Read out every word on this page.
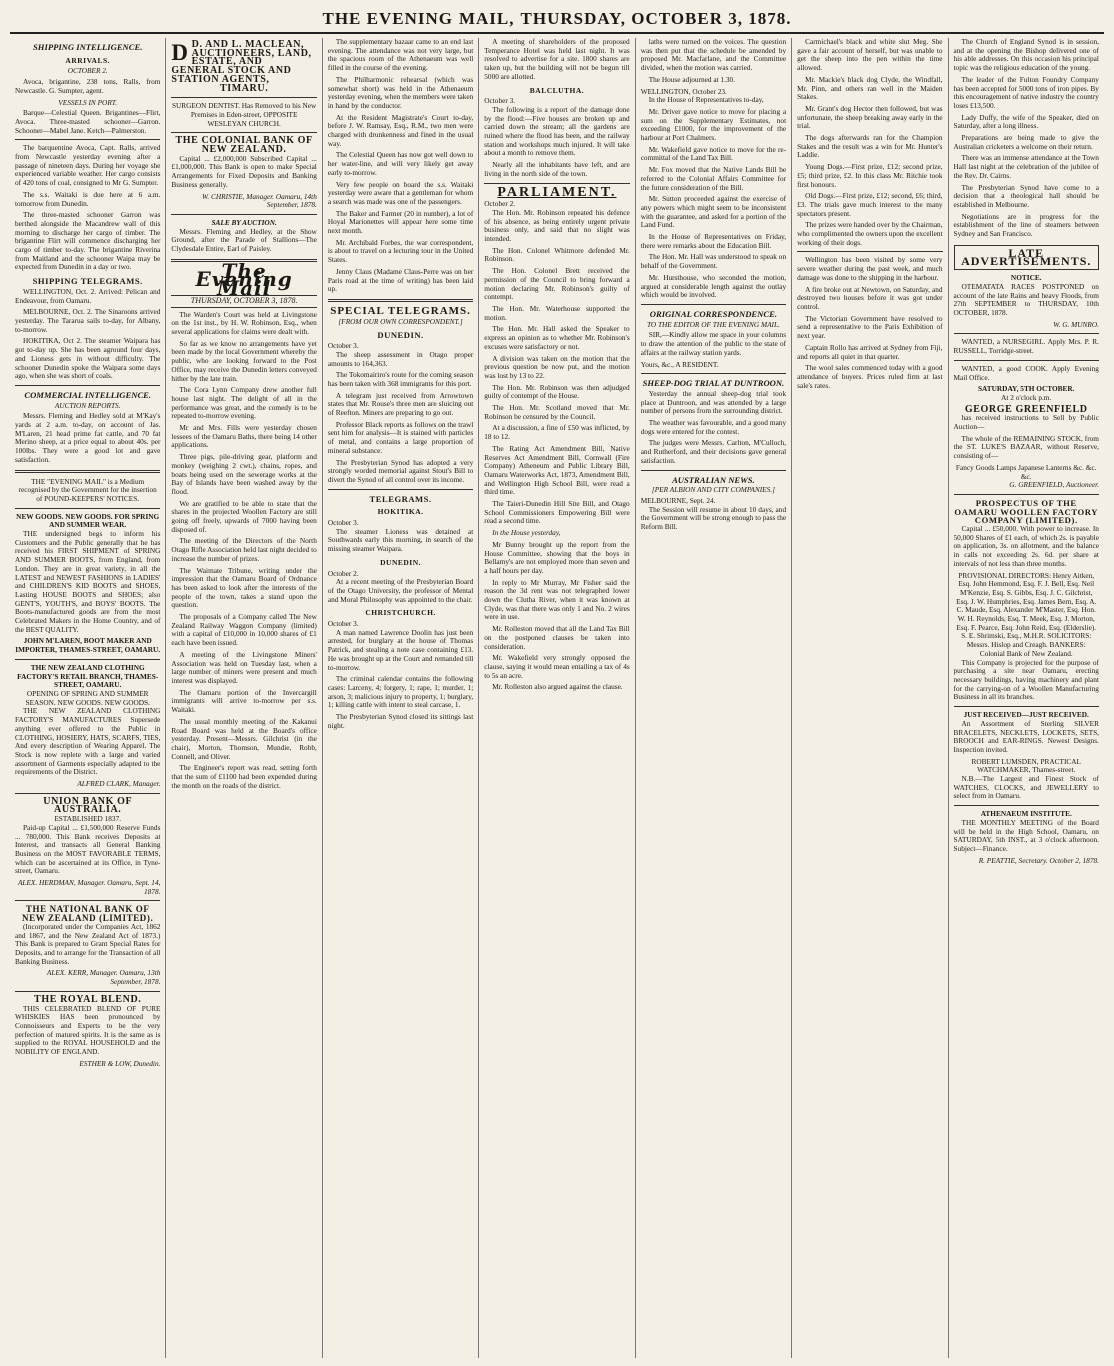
THE EVENING MAIL, THURSDAY, OCTOBER 3, 1878.
SHIPPING INTELLIGENCE.
ARRIVALS.
OCTOBER 2.
Avoca, brigantine, 238 tons, Ralls, from Newcastle. G. Sumpter, agent.
VESSELS IN PORT.
Barque—Celestial Queen. Brigantines—Flirt, Avoca. Three-masted schooner—Garron. Schooner—Mabel Jane. Ketch—Palmerston.
The barquentine Avoca, Capt. Ralls, arrived from Newcastle yesterday evening after a passage of nineteen days. During her voyage she experienced variable weather. Her cargo consists of 420 tons of coal, consigned to Mr G. Sumpter.
The s.s. Waitaki is due here at 6 a.m. tomorrow from Dunedin.
The three-masted schooner Garron was berthed alongside the Macandrew wall of this morning to discharge her cargo of timber. The brigantine Flirt will commence discharging her cargo of timber to-day. The brigantine Riverina from Maitland and the schooner Waipa may be expected from Dunedin in a day or two.
SHIPPING TELEGRAMS.
WELLINGTON, Oct. 2. Arrived: Pelican and Endeavour, from Oamaru.
MELBOURNE, Oct. 2. The Sinaroons arrived yesterday. The Tararua sails to-day, for Albany, to-morrow.
HOKITIKA, Oct 2. The steamer Waipara has got to-day up. She has been aground four days, and Lioness gets in without difficulty. The schooner Dunedin spoke the Waipara some days ago, when she was short of coals.
COMMERCIAL INTELLIGENCE.
AUCTION REPORTS.
Messrs. Fleming and Hedley sold at M'Kay's yards at 2 a.m. to-day, on account of Jas. M'Laren, 21 head prime fat cattle, and 70 fat Merino sheep, at a price equal to about 40s. per 100lbs. They were a good lot and gave satisfaction.
THE "EVENING MAIL" is a Medium recognised by the Government for the insertion of POUND-KEEPERS' NOTICES.
NEW GOODS. NEW GOODS. FOR SPRING AND SUMMER WEAR.
THE undersigned begs to inform his Customers and the Public generally that he has received his FIRST SHIPMENT of SPRING AND SUMMER BOOTS, from England, from London. They are in great variety, in all the LATEST and NEWEST FASHIONS in LADIES' and CHILDREN'S KID BOOTS and SHOES, Lasting HOUSE BOOTS and SHOES; also GENT'S, YOUTH'S, and BOYS' BOOTS. The Boots-manufactured goods are from the most Celebrated Makers in the Home Country, and of the BEST QUALITY.
JOHN M'LAREN, BOOT MAKER AND IMPORTER, THAMES-STREET, OAMARU.
THE NEW ZEALAND CLOTHING FACTORY'S RETAIL BRANCH, THAMES-STREET, OAMARU.
OPENING OF SPRING AND SUMMER SEASON. NEW GOODS. NEW GOODS.
THE NEW ZEALAND CLOTHING FACTORY'S MANUFACTURES Supersede anything ever offered to the Public in CLOTHING, HOSIERY, HATS, SCARFS, TIES, And every description of Wearing Apparel. The Stock is now replete with a large and varied assortment of Garments especially adapted to the requirements of the District.
ALFRED CLARK, Manager.
UNION BANK OF AUSTRALIA.
ESTABLISHED 1837.
Paid-up Capital ... £1,500,000 Reserve Funds ... 780,000. This Bank receives Deposits at Interest, and transacts all General Banking Business on the MOST FAVORABLE TERMS, which can be ascertained at its Office, in Tyne-street, Oamaru.
ALEX. HERDMAN, Manager. Oamaru, Sept. 14, 1878.
THE NATIONAL BANK OF NEW ZEALAND (LIMITED).
(Incorporated under the Companies Act, 1862 and 1867, and the New Zealand Act of 1873.) This Bank is prepared to Grant Special Rates for Deposits, and to arrange for the Transaction of all Banking Business.
ALEX. KERR, Manager. Oamaru, 13th September, 1878.
THE ROYAL BLEND.
THIS CELEBRATED BLEND OF PURE WHISKIES HAS been pronounced by Connoisseurs and Experts to be the very perfection of matured spirits. It is the same as is supplied to the ROYAL HOUSEHOLD and the NOBILITY OF ENGLAND.
ESTHER & LOW, Dunedin.
D D. AND L. MACLEAN, AUCTIONEERS, LAND, ESTATE, AND GENERAL STOCK AND STATION AGENTS,
TIMARU.
SURGEON DENTIST. Has Removed to his New Premises in Eden-street, OPPOSITE WESLEYAN CHURCH.
THE COLONIAL BANK OF NEW ZEALAND.
Capital ... £2,000,000 Subscribed Capital ... £1,000,000. This Bank is open to make Special Arrangements for Fixed Deposits and Banking Business generally.
W. CHRISTIE, Manager. Oamaru, 14th September, 1878.
SALE BY AUCTION.
Messrs. Fleming and Hedley, at the Show Ground, after the Parade of Stallions—The Clydesdale Entire, Earl of Paisley.
The Evening Mail
THURSDAY, OCTOBER 3, 1878.
The Warden's Court was held at Livingstone on the 1st inst., by H. W. Robinson, Esq., when several applications for claims were dealt with.
So far as we know no arrangements have yet been made by the local Government whereby the public, who are looking forward to the Post Office, may receive the Dunedin letters conveyed hither by the late train.
The Cora Lynn Company drew another full house last night. The delight of all in the performance was great, and the comedy is to be repeated to-morrow evening.
Mr and Mrs. Fills were yesterday chosen lessees of the Oamaru Baths, there being 14 other applications.
Three pigs, pile-driving gear, platform and monkey (weighing 2 cwt.), chains, ropes, and boats being used on the sewerage works at the Bay of Islands have been washed away by the flood.
We are gratified to be able to state that the shares in the projected Woollen Factory are still going off freely, upwards of 7000 having been disposed of.
The meeting of the Directors of the North Otago Rifle Association held last night decided to increase the number of prizes.
The Waimate Tribune, writing under the impression that the Oamaru Board of Ordnance has been asked to look after the interests of the people of the town, takes a stand upon the question.
The proposals of a Company called The New Zealand Railway Waggon Company (limited) with a capital of £10,000 in 10,000 shares of £1 each have been issued.
A meeting of the Livingstone Miners' Association was held on Tuesday last, when a large number of miners were present and much interest was displayed.
The Oamaru portion of the Invercargill immigrants will arrive to-morrow per s.s. Waitaki.
The usual monthly meeting of the Kakanui Road Board was held at the Board's office yesterday. Present—Messrs. Gilchrist (in the chair), Morton, Thomson, Mundie, Robb, Connell, and Oliver.
The Engineer's report was read, setting forth that the sum of £1100 had been expended during the month on the roads of the district.
The supplementary bazaar came to an end last evening. The attendance was not very large, but the spacious room of the Athenaeum was well filled in the course of the evening.
The Philharmonic rehearsal (which was somewhat short) was held in the Athenaeum yesterday evening, when the members were taken in hand by the conductor.
At the Resident Magistrate's Court to-day, before J. W. Ramsay, Esq., R.M., two men were charged with drunkenness and fined in the usual way.
The Celestial Queen has now got well down to her water-line, and will very likely get away early to-morrow.
Very few people on board the s.s. Waitaki yesterday were aware that a gentleman for whom a search was made was one of the passengers.
The Baker and Farmer (20 in number), a lot of Hoyal Marionettes will appear here some time next month.
Mr. Archibald Forbes, the war correspondent, is about to travel on a lecturing tour in the United States.
Jenny Claus (Madame Claus-Perre was on her Paris road at the time of writing) has been laid up.
SPECIAL TELEGRAMS.
[FROM OUR OWN CORRESPONDENT.]
DUNEDIN.
October 3.
The sheep assessment in Otago proper amounts to 164,363.
The Tokomairiro's route for the coming season has been taken with 368 immigrants for this port.
A telegram just received from Arrowtown states that Mr. Rouse's three men are sluicing out of Reefton. Miners are preparing to go out.
Professor Black reports as follows on the trawl sent him for analysis—It is stained with particles of metal, and contains a large proportion of mineral substance.
The Presbyterian Synod has adopted a very strongly worded memorial against Stout's Bill to divert the Synod of all control over its income.
TELEGRAMS.
HOKITIKA.
October 3.
The steamer Lioness was detained at Southwards early this morning, in search of the missing steamer Waipara.
DUNEDIN.
October 2.
At a recent meeting of the Presbyterian Board of the Otago University, the professor of Mental and Moral Philosophy was appointed to the chair.
CHRISTCHURCH.
October 3.
A man named Lawrence Doolin has just been arrested, for burglary at the house of Thomas Patrick, and stealing a note case containing £13. He was brought up at the Court and remanded till to-morrow.
The criminal calendar contains the following cases: Larceny, 4; forgery, 1; rape, 1; murder, 1; arson, 3; malicious injury to property, 1; burglary, 1; killing cattle with intent to steal carcase, 1.
The Presbyterian Synod closed its sittings last night.
A meeting of shareholders of the proposed Temperance Hotel was held last night. It was resolved to advertise for a site. 1800 shares are taken up, but the building will not be begun till 5000 are allotted.
BALCLUTHA.
October 3.
The following is a report of the damage done by the flood:—Five houses are broken up and carried down the stream; all the gardens are ruined where the flood has been, and the railway station and workshops much injured. It will take about a month to remove them.
Nearly all the inhabitants have left, and are living in the north side of the town.
PARLIAMENT.
October 2.
The Hon. Mr. Robinson repeated his defence of his absence, as being entirely urgent private business only, and said that no slight was intended.
The Hon. Colonel Whitmore defended Mr. Robinson.
The Hon. Colonel Brett received the permission of the Council to bring forward a motion declaring Mr. Robinson's guilty of contempt.
The Hon. Mr. Waterhouse supported the motion.
The Hon. Mr. Hall asked the Speaker to express an opinion as to whether Mr. Robinson's excuses were satisfactory or not.
A division was taken on the motion that the previous question be now put, and the motion was lost by 13 to 22.
The Hon. Mr. Robinson was then adjudged guilty of contempt of the House.
The Hon. Mr. Scotland moved that Mr. Robinson be censured by the Council.
At a discussion, a fine of £50 was inflicted, by 18 to 12.
The Rating Act Amendment Bill, Native Reserves Act Amendment Bill, Cornwall (Fire Company) Atheneum and Public Library Bill, Oamaru Waterworks Act, 1873, Amendment Bill, and Wellington High School Bill, were read a third time.
The Taieri-Dunedin Hill Site Bill, and Otago School Commissioners Empowering Bill were read a second time.
In the House yesterday,
Mr Bunny brought up the report from the House Committee, showing that the boys in Bellamy's are not employed more than seven and a half hours per day.
In reply to Mr Murray, Mr Fisher said the reason the 3d rent was not telegraphed lower down the Clutha River, when it was known at Clyde, was that there was only 1 and No. 2 wires were in use.
Mr. Rolleston moved that all the Land Tax Bill on the postponed clauses be taken into consideration.
Mr. Wakefield very strongly opposed the clause, saying it would mean entailing a tax of 4s to 5s an acre.
Mr. Rolleston also argued against the clause.
laths were turned on the voices. The question was then put that the schedule be amended by proposed Mr. Macfarlane, and the Committee divided, when the motion was carried.
The House adjourned at 1.30.
WELLINGTON, October 23.
In the House of Representatives to-day,
Mr. Driver gave notice to move for placing a sum on the Supplementary Estimates, not exceeding £1000, for the improvement of the harbour at Port Chalmers.
Mr. Wakefield gave notice to move for the re-committal of the Land Tax Bill.
Mr. Fox moved that the Native Lands Bill be referred to the Colonial Affairs Committee for the future consideration of the Bill.
Mr. Sutton proceeded against the exercise of any powers which might seem to be inconsistent with the guarantee, and asked for a portion of the Land Fund.
In the House of Representatives on Friday, there were remarks about the Education Bill.
The Hon. Mr. Hall was understood to speak on behalf of the Government.
Mr. Hursthouse, who seconded the motion, argued at considerable length against the outlay which would be involved.
ORIGINAL CORRESPONDENCE.
TO THE EDITOR OF THE EVENING MAIL.
SIR,—Kindly allow me space in your columns to draw the attention of the public to the state of affairs at the railway station yards.
Yours, &c., A RESIDENT.
SHEEP-DOG TRIAL AT DUNTROON.
Yesterday the annual sheep-dog trial took place at Duntroon, and was attended by a large number of persons from the surrounding district.
The weather was favourable, and a good many dogs were entered for the contest.
The judges were Messrs. Carlton, M'Culloch, and Rutherford, and their decisions gave general satisfaction.
AUSTRALIAN NEWS.
[PER ALBION AND CITY COMPANIES.]
MELBOURNE, Sept. 24.
The Session will resume in about 10 days, and the Government will be strong enough to pass the Reform Bill.
Carmichael's black and white slut Meg. She gave a fair account of herself, but was unable to get the sheep into the pen within the time allowed.
Mr. Mackie's black dog Clyde, the Windfall, Mr. Pinn, and others ran well in the Maiden Stakes.
Mr. Grant's dog Hector then followed, but was unfortunate, the sheep breaking away early in the trial.
The dogs afterwards ran for the Champion Stakes and the result was a win for Mr. Hunter's Laddie.
Young Dogs.—First prize, £12; second prize, £5; third prize, £2. In this class Mr. Ritchie took first honours.
Old Dogs.—First prize, £12; second, £6; third, £3. The trials gave much interest to the many spectators present.
The prizes were handed over by the Chairman, who complimented the owners upon the excellent working of their dogs.
Wellington has been visited by some very severe weather during the past week, and much damage was done to the shipping in the harbour.
A fire broke out at Newtown, on Saturday, and destroyed two houses before it was got under control.
The Victorian Government have resolved to send a representative to the Paris Exhibition of next year.
Captain Rollo has arrived at Sydney from Fiji, and reports all quiet in that quarter.
The wool sales commenced today with a good attendance of buyers. Prices ruled firm at last sale's rates.
The Church of England Synod is in session, and at the opening the Bishop delivered one of his able addresses. On this occasion his principal topic was the religious education of the young.
The leader of the Fulton Foundry Company has been accepted for 5000 tons of iron pipes. By this encouragement of native industry the country loses £13,500.
Lady Duffy, the wife of the Speaker, died on Saturday, after a long illness.
Preparations are being made to give the Australian cricketers a welcome on their return.
There was an immense attendance at the Town Hall last night at the celebration of the jubilee of the Rev. Dr. Cairns.
The Presbyterian Synod have come to a decision that a theological hall should be established in Melbourne.
Negotiations are in progress for the establishment of the line of steamers between Sydney and San Francisco.
LATE ADVERTISEMENTS.
NOTICE.
OTEMATATA RACES POSTPONED on account of the late Rains and heavy Floods, from 27th SEPTEMBER to THURSDAY, 10th OCTOBER, 1878.
W. G. MUNRO.
WANTED, a NURSEGIRL. Apply Mrs. P. R. RUSSELL, Torridge-street.
WANTED, a good COOK. Apply Evening Mail Office.
SATURDAY, 5TH OCTOBER.
At 2 o'clock p.m.
GEORGE GREENFIELD
has received instructions to Sell by Public Auction—
The whole of the REMAINING STOCK, from the ST. LUKE'S BAZAAR, without Reserve, consisting of—
Fancy Goods Lamps Japanese Lanterns &c. &c. &c.
G. GREENFIELD, Auctioneer.
PROSPECTUS OF THE OAMARU WOOLLEN FACTORY COMPANY (LIMITED).
Capital ... £50,000. With power to increase. In 50,000 Shares of £1 each, of which 2s. is payable on application, 3s. on allotment, and the balance in calls not exceeding 2s. 6d. per share at intervals of not less than three months.
PROVISIONAL DIRECTORS: Henry Aitken, Esq. John Hemmond, Esq. F. J. Bell, Esq. Neil M'Kenzie, Esq. S. Gibbs, Esq. J. C. Gilchrist, Esq. J. W. Humphries, Esq. James Bern, Esq. A. C. Maude, Esq. Alexander M'Master, Esq. Hon. W. H. Reynolds, Esq. T. Meek, Esq. J. Morton, Esq. F. Pearce, Esq. John Reid, Esq. (Elderslie). S. E. Shrimski, Esq., M.H.R. SOLICITORS: Messrs. Hislop and Creagh. BANKERS: Colonial Bank of New Zealand.
This Company is projected for the purpose of purchasing a site near Oamaru, erecting necessary buildings, having machinery and plant for the carrying-on of a Woollen Manufacturing Business in all its branches.
JUST RECEIVED—JUST RECEIVED.
An Assortment of Sterling SILVER BRACELETS, NECKLETS, LOCKETS, SETS, BROOCH and EAR-RINGS. Newest Designs. Inspection invited.
ROBERT LUMSDEN, PRACTICAL WATCHMAKER, Thames-street.
N.B.—The Largest and Finest Stock of WATCHES, CLOCKS, and JEWELLERY to select from in Oamaru.
ATHENAEUM INSTITUTE.
THE MONTHLY MEETING of the Board will be held in the High School, Oamaru, on SATURDAY, 5th INST., at 3 o'clock afternoon. Subject—Finance.
R. PEATTIE, Secretary. October 2, 1878.
